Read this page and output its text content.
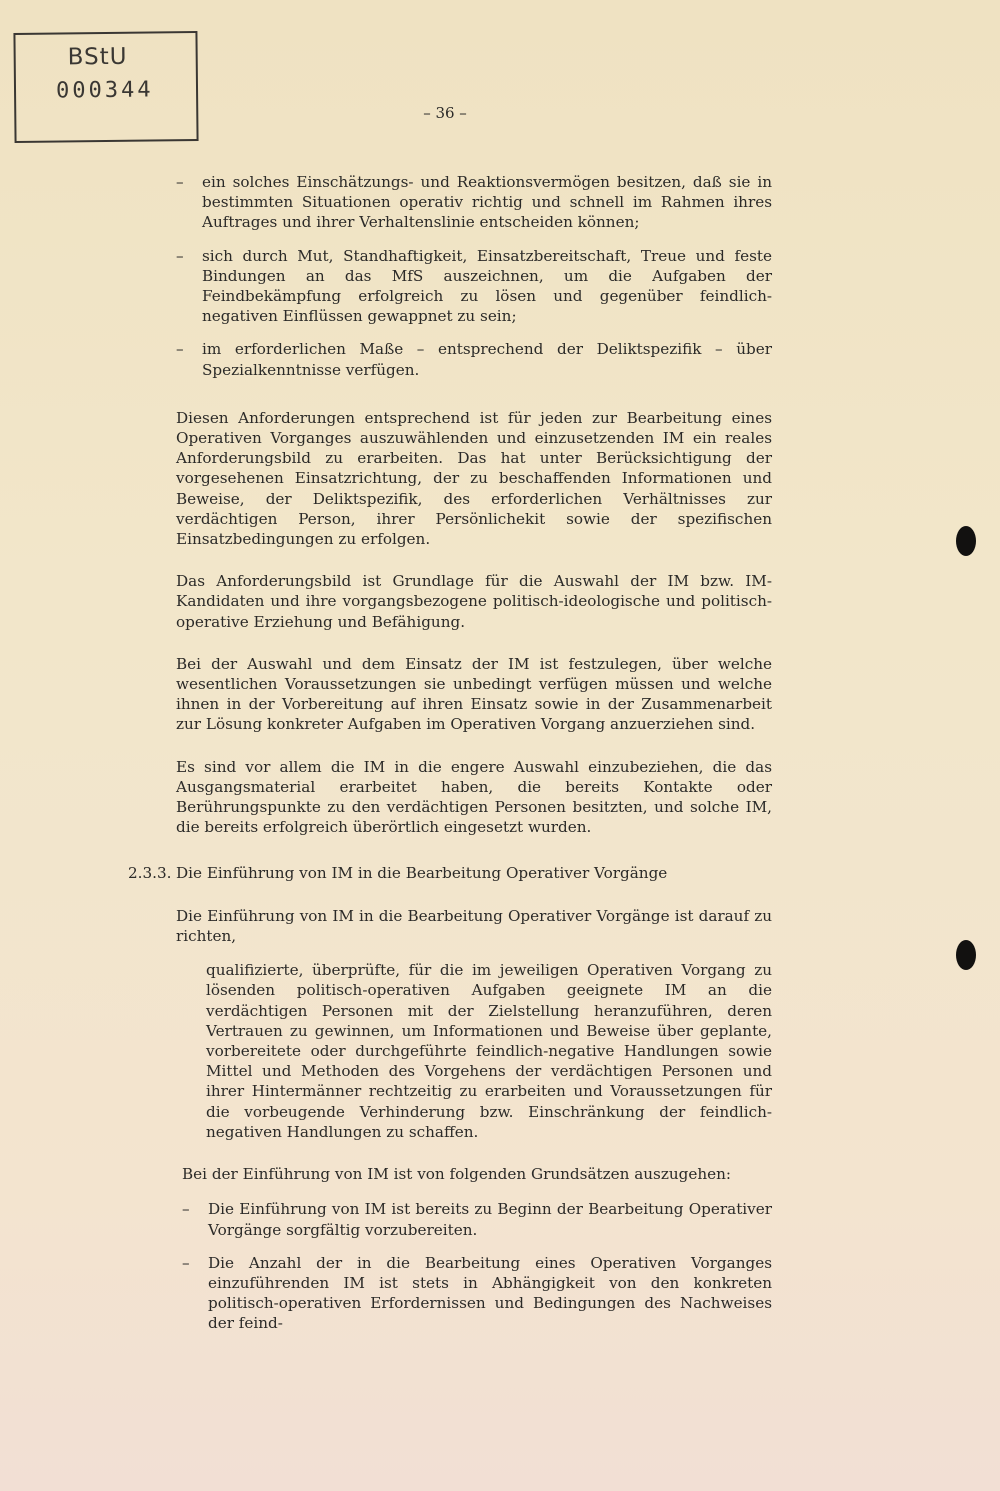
BStU
000344
– 36 –
– ein solches Einschätzungs- und Reaktionsvermögen besitzen, daß sie in bestimmten Situationen operativ richtig und schnell im Rahmen ihres Auftrages und ihrer Verhaltenslinie entscheiden können;
– sich durch Mut, Standhaftigkeit, Einsatzbereitschaft, Treue und feste Bindungen an das MfS auszeichnen, um die Aufgaben der Feindbekämpfung erfolgreich zu lösen und gegenüber feindlich-negativen Einflüssen gewappnet zu sein;
– im erforderlichen Maße – entsprechend der Deliktspezifik – über Spezialkenntnisse verfügen.

Diesen Anforderungen entsprechend ist für jeden zur Bearbeitung eines Operativen Vorganges auszuwählenden und einzusetzenden IM ein reales Anforderungsbild zu erarbeiten. Das hat unter Berücksichtigung der vorgesehenen Einsatzrichtung, der zu beschaffenden Informationen und Beweise, der Deliktspezifik, des erforderlichen Verhältnisses zur verdächtigen Person, ihrer Persönlichekit sowie der spezifischen Einsatzbedingungen zu erfolgen.

Das Anforderungsbild ist Grundlage für die Auswahl der IM bzw. IM-Kandidaten und ihre vorgangsbezogene politisch-ideologische und politisch-operative Erziehung und Befähigung.

Bei der Auswahl und dem Einsatz der IM ist festzulegen, über welche wesentlichen Voraussetzungen sie unbedingt verfügen müssen und welche ihnen in der Vorbereitung auf ihren Einsatz sowie in der Zusammenarbeit zur Lösung konkreter Aufgaben im Operativen Vorgang anzuerziehen sind.

Es sind vor allem die IM in die engere Auswahl einzubeziehen, die das Ausgangsmaterial erarbeitet haben, die bereits Kontakte oder Berührungspunkte zu den verdächtigen Personen besitzten, und solche IM, die bereits erfolgreich überörtlich eingesetzt wurden.

2.3.3. Die Einführung von IM in die Bearbeitung Operativer Vorgänge

Die Einführung von IM in die Bearbeitung Operativer Vorgänge ist darauf zu richten,

qualifizierte, überprüfte, für die im jeweiligen Operativen Vorgang zu lösenden politisch-operativen Aufgaben geeignete IM an die verdächtigen Personen mit der Zielstellung heranzuführen, deren Vertrauen zu gewinnen, um Informationen und Beweise über geplante, vorbereitete oder durchgeführte feindlich-negative Handlungen sowie Mittel und Methoden des Vorgehens der verdächtigen Personen und ihrer Hintermänner rechtzeitig zu erarbeiten und Voraussetzungen für die vorbeugende Verhinderung bzw. Einschränkung der feindlich-negativen Handlungen zu schaffen.

Bei der Einführung von IM ist von folgenden Grundsätzen auszugehen:

– Die Einführung von IM ist bereits zu Beginn der Bearbeitung Operativer Vorgänge sorgfältig vorzubereiten.
– Die Anzahl der in die Bearbeitung eines Operativen Vorganges einzuführenden IM ist stets in Abhängigkeit von den konkreten politisch-operativen Erfordernissen und Bedingungen des Nachweises der feind-
